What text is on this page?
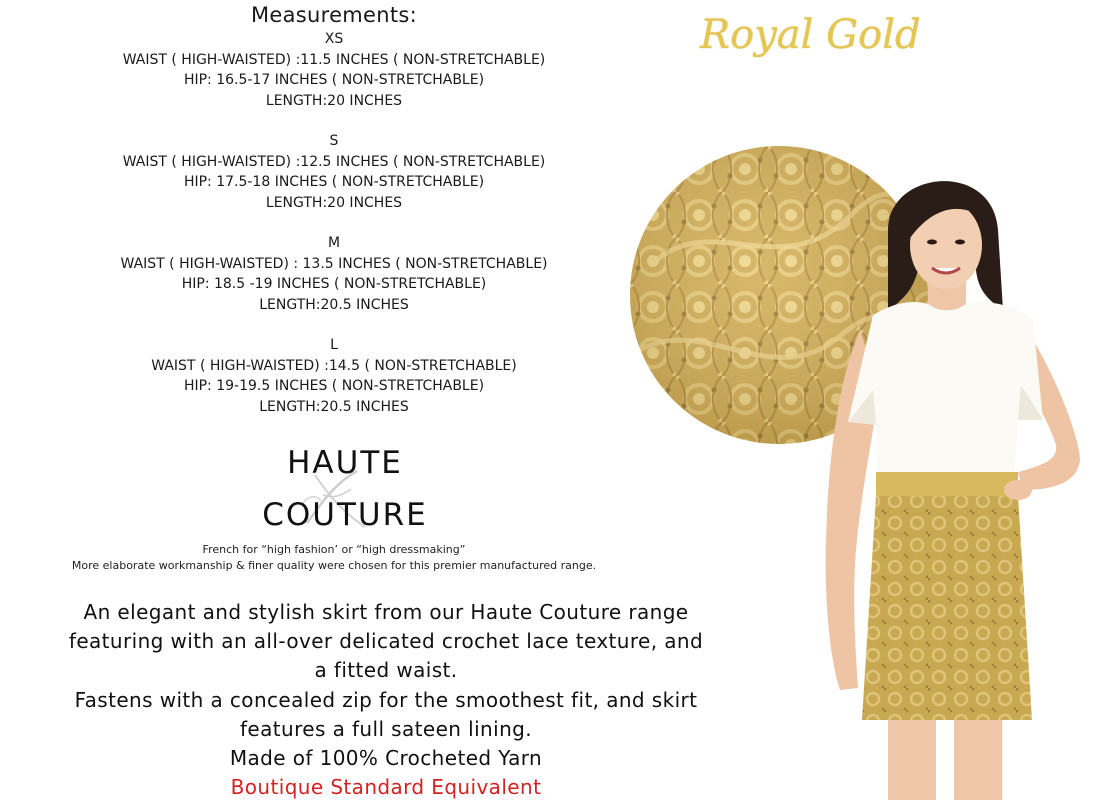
Measurements:
XS
WAIST ( HIGH-WAISTED) :11.5 INCHES ( NON-STRETCHABLE)
HIP: 16.5-17 INCHES ( NON-STRETCHABLE)
LENGTH:20 INCHES
S
WAIST ( HIGH-WAISTED) :12.5 INCHES ( NON-STRETCHABLE)
HIP: 17.5-18 INCHES ( NON-STRETCHABLE)
LENGTH:20 INCHES
M
WAIST ( HIGH-WAISTED) : 13.5 INCHES ( NON-STRETCHABLE)
HIP: 18.5 -19 INCHES ( NON-STRETCHABLE)
LENGTH:20.5 INCHES
L
WAIST ( HIGH-WAISTED) :14.5 ( NON-STRETCHABLE)
HIP: 19-19.5 INCHES ( NON-STRETCHABLE)
LENGTH:20.5 INCHES
HAUTE
COUTURE
French for “high fashion’ or “high dressmaking”
More elaborate workmanship & finer quality were chosen for this premier manufactured range.
An elegant and stylish skirt from our Haute Couture range
featuring with an all-over delicated crochet lace texture, and
a fitted waist.
Fastens with a concealed zip for the smoothest fit, and skirt
features a full sateen lining.
Made of 100% Crocheted Yarn
Boutique Standard Equivalent
Royal Gold
